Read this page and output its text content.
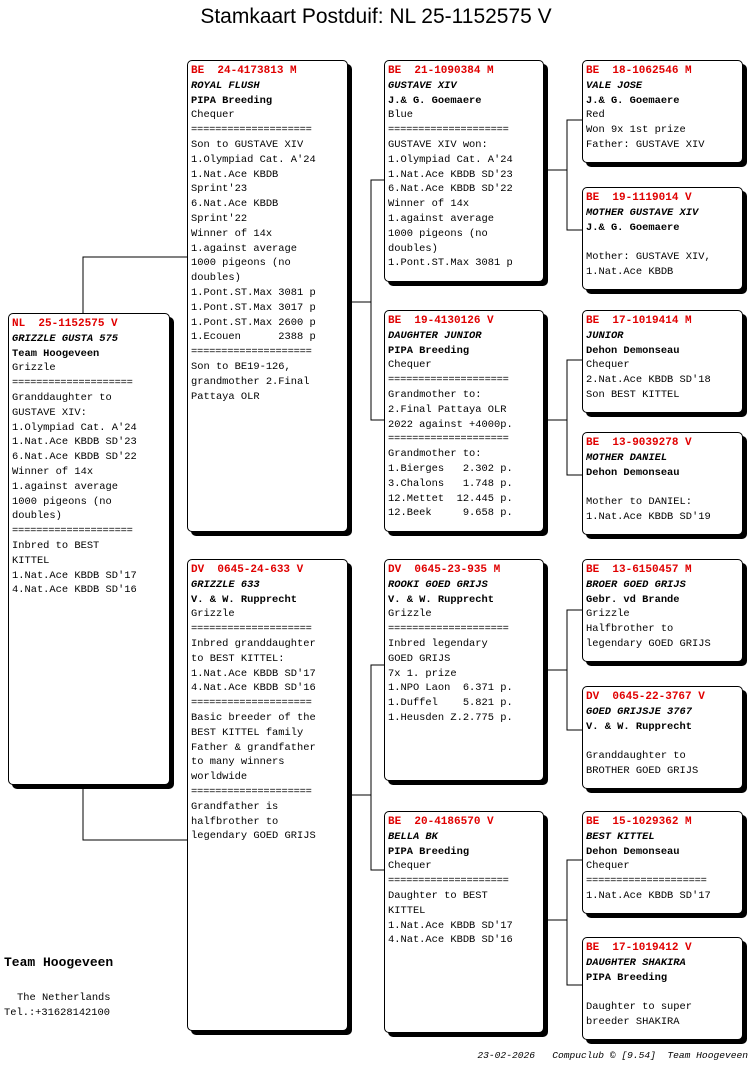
Stamkaart Postduif: NL 25-1152575 V
NL  25-1152575 V
GRIZZLE GUSTA 575
Team Hoogeveen
Grizzle
====================
Granddaughter to
GUSTAVE XIV:
1.Olympiad Cat. A'24
1.Nat.Ace KBDB SD'23
6.Nat.Ace KBDB SD'22
Winner of 14x
1.against average
1000 pigeons (no
doubles)
====================
Inbred to BEST
KITTEL
1.Nat.Ace KBDB SD'17
4.Nat.Ace KBDB SD'16
BE  24-4173813 M
ROYAL FLUSH
PIPA Breeding
Chequer
====================
Son to GUSTAVE XIV
1.Olympiad Cat. A'24
1.Nat.Ace KBDB
Sprint'23
6.Nat.Ace KBDB
Sprint'22
Winner of 14x
1.against average
1000 pigeons (no
doubles)
1.Pont.ST.Max 3081 p
1.Pont.ST.Max 3017 p
1.Pont.ST.Max 2600 p
1.Ecouen      2388 p
====================
Son to BE19-126,
grandmother 2.Final
Pattaya OLR
DV  0645-24-633 V
GRIZZLE 633
V. & W. Rupprecht
Grizzle
====================
Inbred granddaughter
to BEST KITTEL:
1.Nat.Ace KBDB SD'17
4.Nat.Ace KBDB SD'16
====================
Basic breeder of the
BEST KITTEL family
Father & grandfather
to many winners
worldwide
====================
Grandfather is
halfbrother to
legendary GOED GRIJS
BE  21-1090384 M
GUSTAVE XIV
J.& G. Goemaere
Blue
====================
GUSTAVE XIV won:
1.Olympiad Cat. A'24
1.Nat.Ace KBDB SD'23
6.Nat.Ace KBDB SD'22
Winner of 14x
1.against average
1000 pigeons (no
doubles)
1.Pont.ST.Max 3081 p
BE  19-4130126 V
DAUGHTER JUNIOR
PIPA Breeding
Chequer
====================
Grandmother to:
2.Final Pattaya OLR
2022 against +4000p.
====================
Grandmother to:
1.Bierges   2.302 p.
3.Chalons   1.748 p.
12.Mettet  12.445 p.
12.Beek     9.658 p.
DV  0645-23-935 M
ROOKI GOED GRIJS
V. & W. Rupprecht
Grizzle
====================
Inbred legendary
GOED GRIJS
7x 1. prize
1.NPO Laon  6.371 p.
1.Duffel    5.821 p.
1.Heusden Z.2.775 p.
BE  20-4186570 V
BELLA BK
PIPA Breeding
Chequer
====================
Daughter to BEST
KITTEL
1.Nat.Ace KBDB SD'17
4.Nat.Ace KBDB SD'16
BE  18-1062546 M
VALE JOSE
J.& G. Goemaere
Red
Won 9x 1st prize
Father: GUSTAVE XIV
BE  19-1119014 V
MOTHER GUSTAVE XIV
J.& G. Goemaere
Mother: GUSTAVE XIV,
1.Nat.Ace KBDB
BE  17-1019414 M
JUNIOR
Dehon Demonseau
Chequer
2.Nat.Ace KBDB SD'18
Son BEST KITTEL
BE  13-9039278 V
MOTHER DANIEL
Dehon Demonseau
Mother to DANIEL:
1.Nat.Ace KBDB SD'19
BE  13-6150457 M
BROER GOED GRIJS
Gebr. vd Brande
Grizzle
Halfbrother to
legendary GOED GRIJS
DV  0645-22-3767 V
GOED GRIJSJE 3767
V. & W. Rupprecht
Granddaughter to
BROTHER GOED GRIJS
BE  15-1029362 M
BEST KITTEL
Dehon Demonseau
Chequer
====================
1.Nat.Ace KBDB SD'17
BE  17-1019412 V
DAUGHTER SHAKIRA
PIPA Breeding
Daughter to super
breeder SHAKIRA
Team Hoogeveen
The Netherlands
Tel.:+31628142100
23-02-2026   Compuclub © [9.54]  Team Hoogeveen
